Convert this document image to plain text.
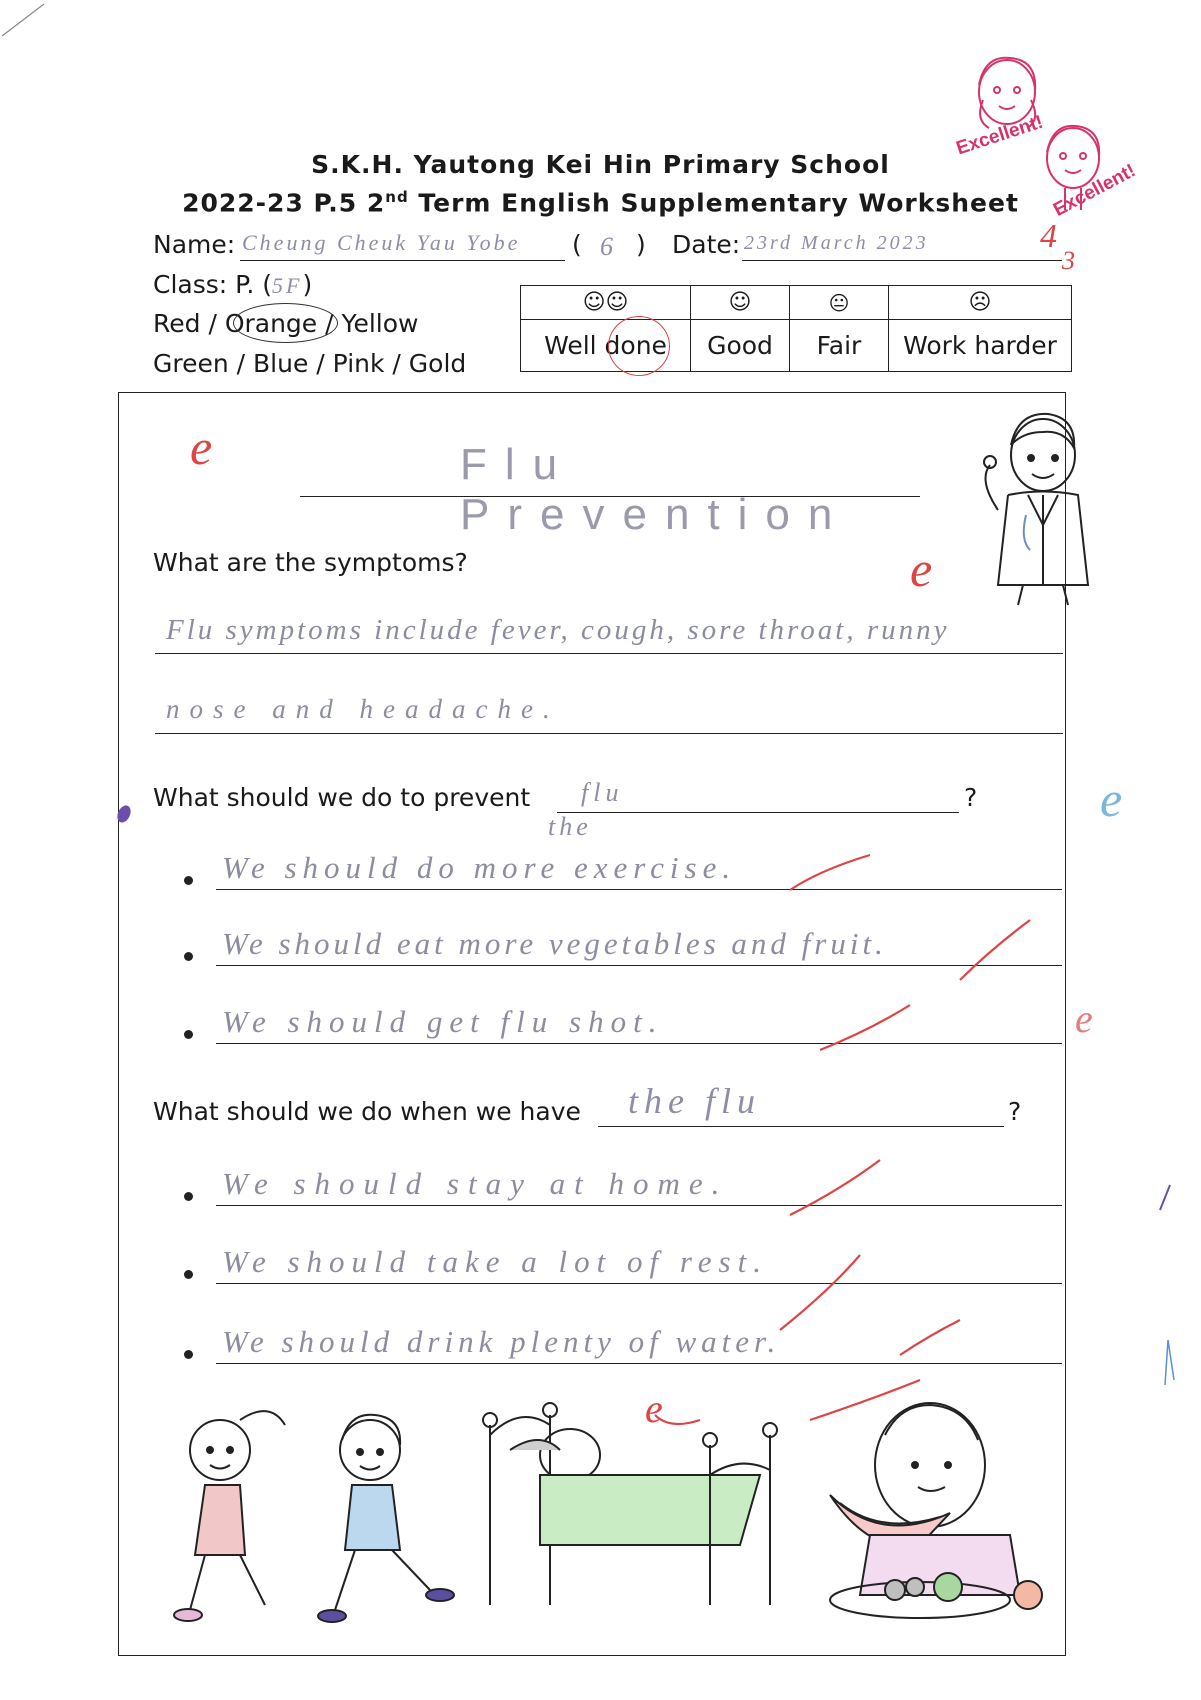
Excellent!
Excellent!
4
3
S.K.H. Yautong Kei Hin Primary School
2022-23 P.5 2nd Term English Supplementary Worksheet
Name: Cheung Cheuk Yau Yobe ( 6 ) Date: 23rd March 2023
Class: P. (5F)
Red / Orange / Yellow
Green / Blue / Pink / Gold
☺☺	☺	😐	☹
Well done	Good	Fair	Work harder
e	Flu Prevention
What are the symptoms?	e
Flu symptoms include fever, cough, sore throat, runny
nose and headache.
What should we do to prevent flu
the
? e
We should do more exercise.
We should eat more vegetables and fruit.
We should get flu shot.	e
What should we do when we have the flu	?
We should stay at home.
We should take a lot of rest.
We should drink plenty of water.
e
